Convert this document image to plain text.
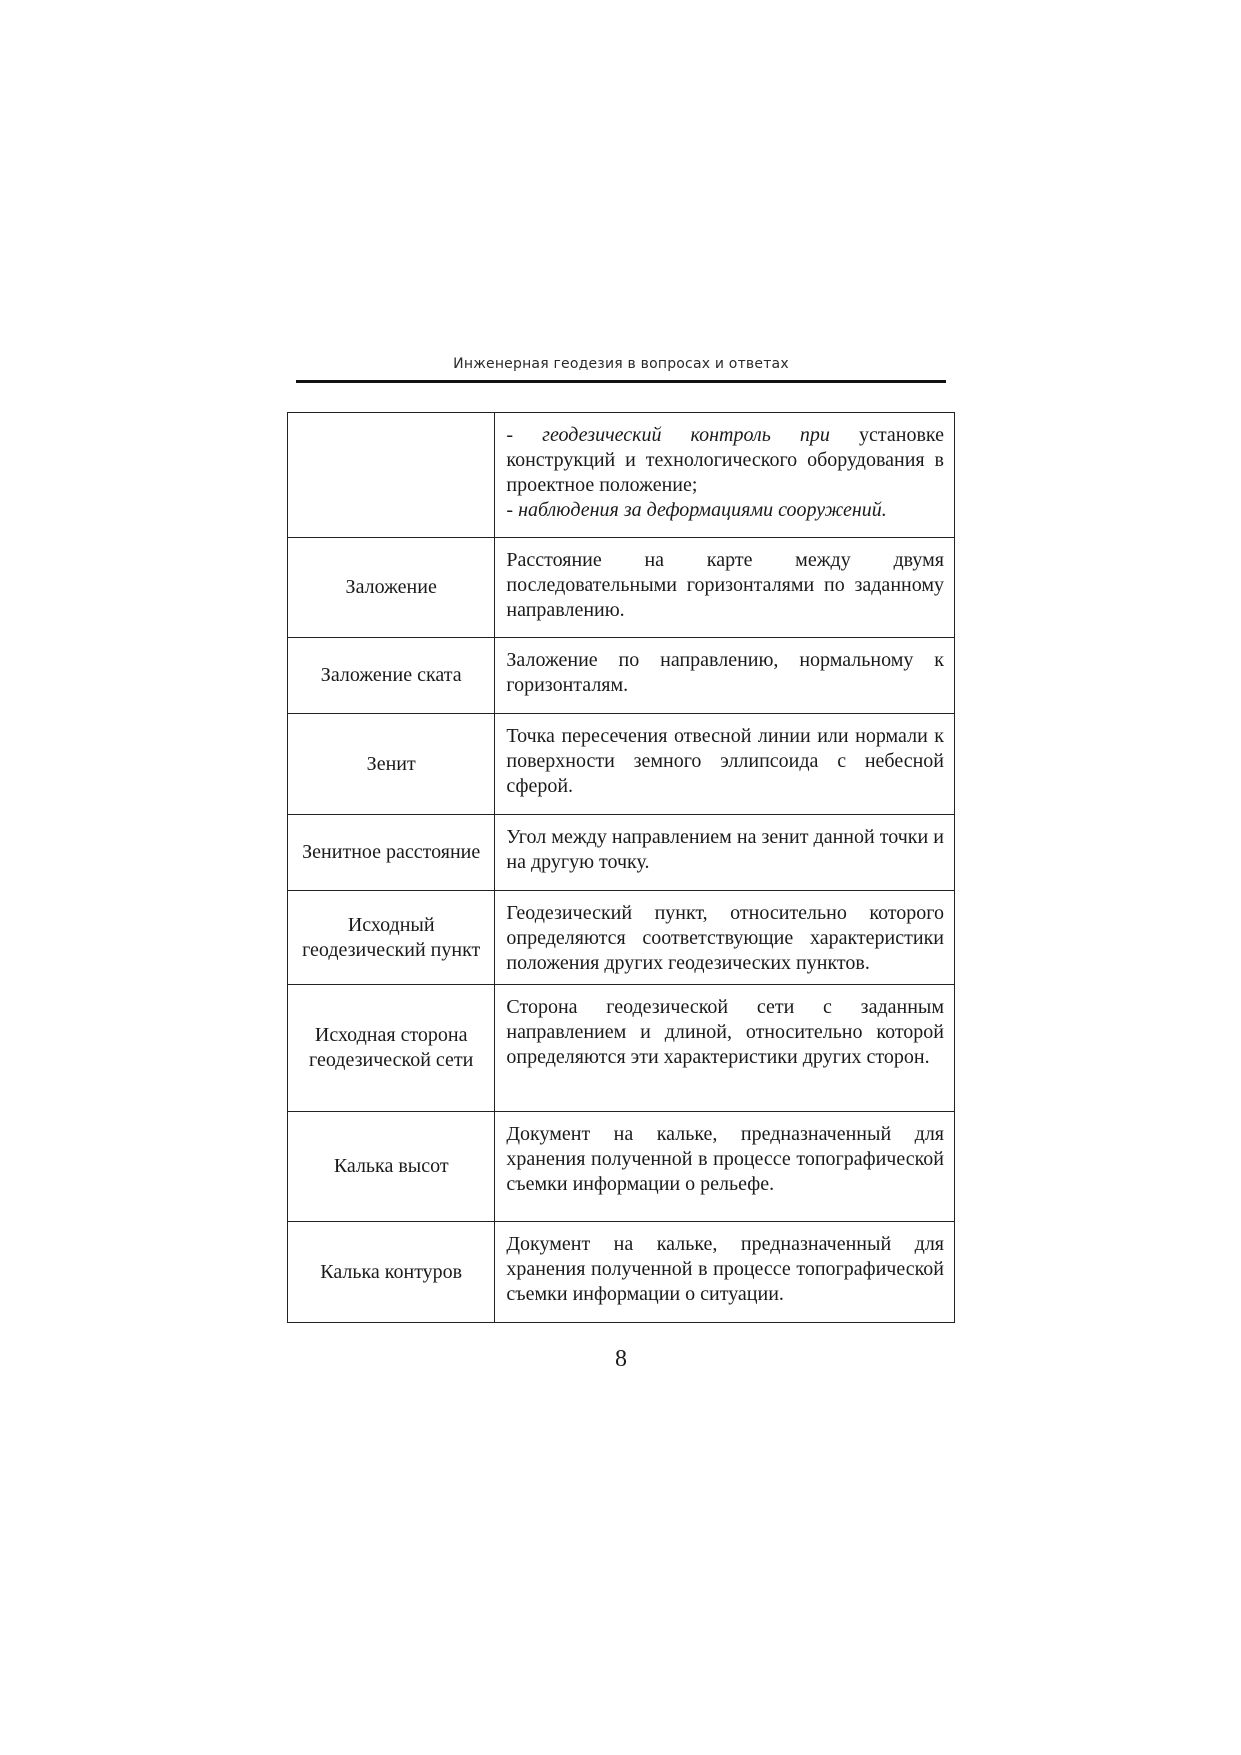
Инженерная геодезия в вопросах и ответах

	- геодезический контроль при установке конструкций и технологического оборудования в проектное положение;
- наблюдения за деформациями сооружений.

Заложение	Расстояние на карте между двумя последовательными горизонталями по заданному направлению.
Заложение ската	Заложение по направлению, нормальному к горизонталям.
Зенит	Точка пересечения отвесной линии или нормали к поверхности земного эллипсоида с небесной сферой.
Зенитное расстояние	Угол между направлением на зенит данной точки и на другую точку.
Исходный геодезический пункт	Геодезический пункт, относительно которого определяются соответствующие характеристики положения других геодезических пунктов.
Исходная сторона геодезической сети	Сторона геодезической сети с заданным направлением и длиной, относительно которой определяются эти характеристики других сторон.
Калька высот	Документ на кальке, предназначенный для хранения полученной в процессе топографической съемки информации о рельефе.
Калька контуров	Документ на кальке, предназначенный для хранения полученной в процессе топографической съемки информации о ситуации.
8
